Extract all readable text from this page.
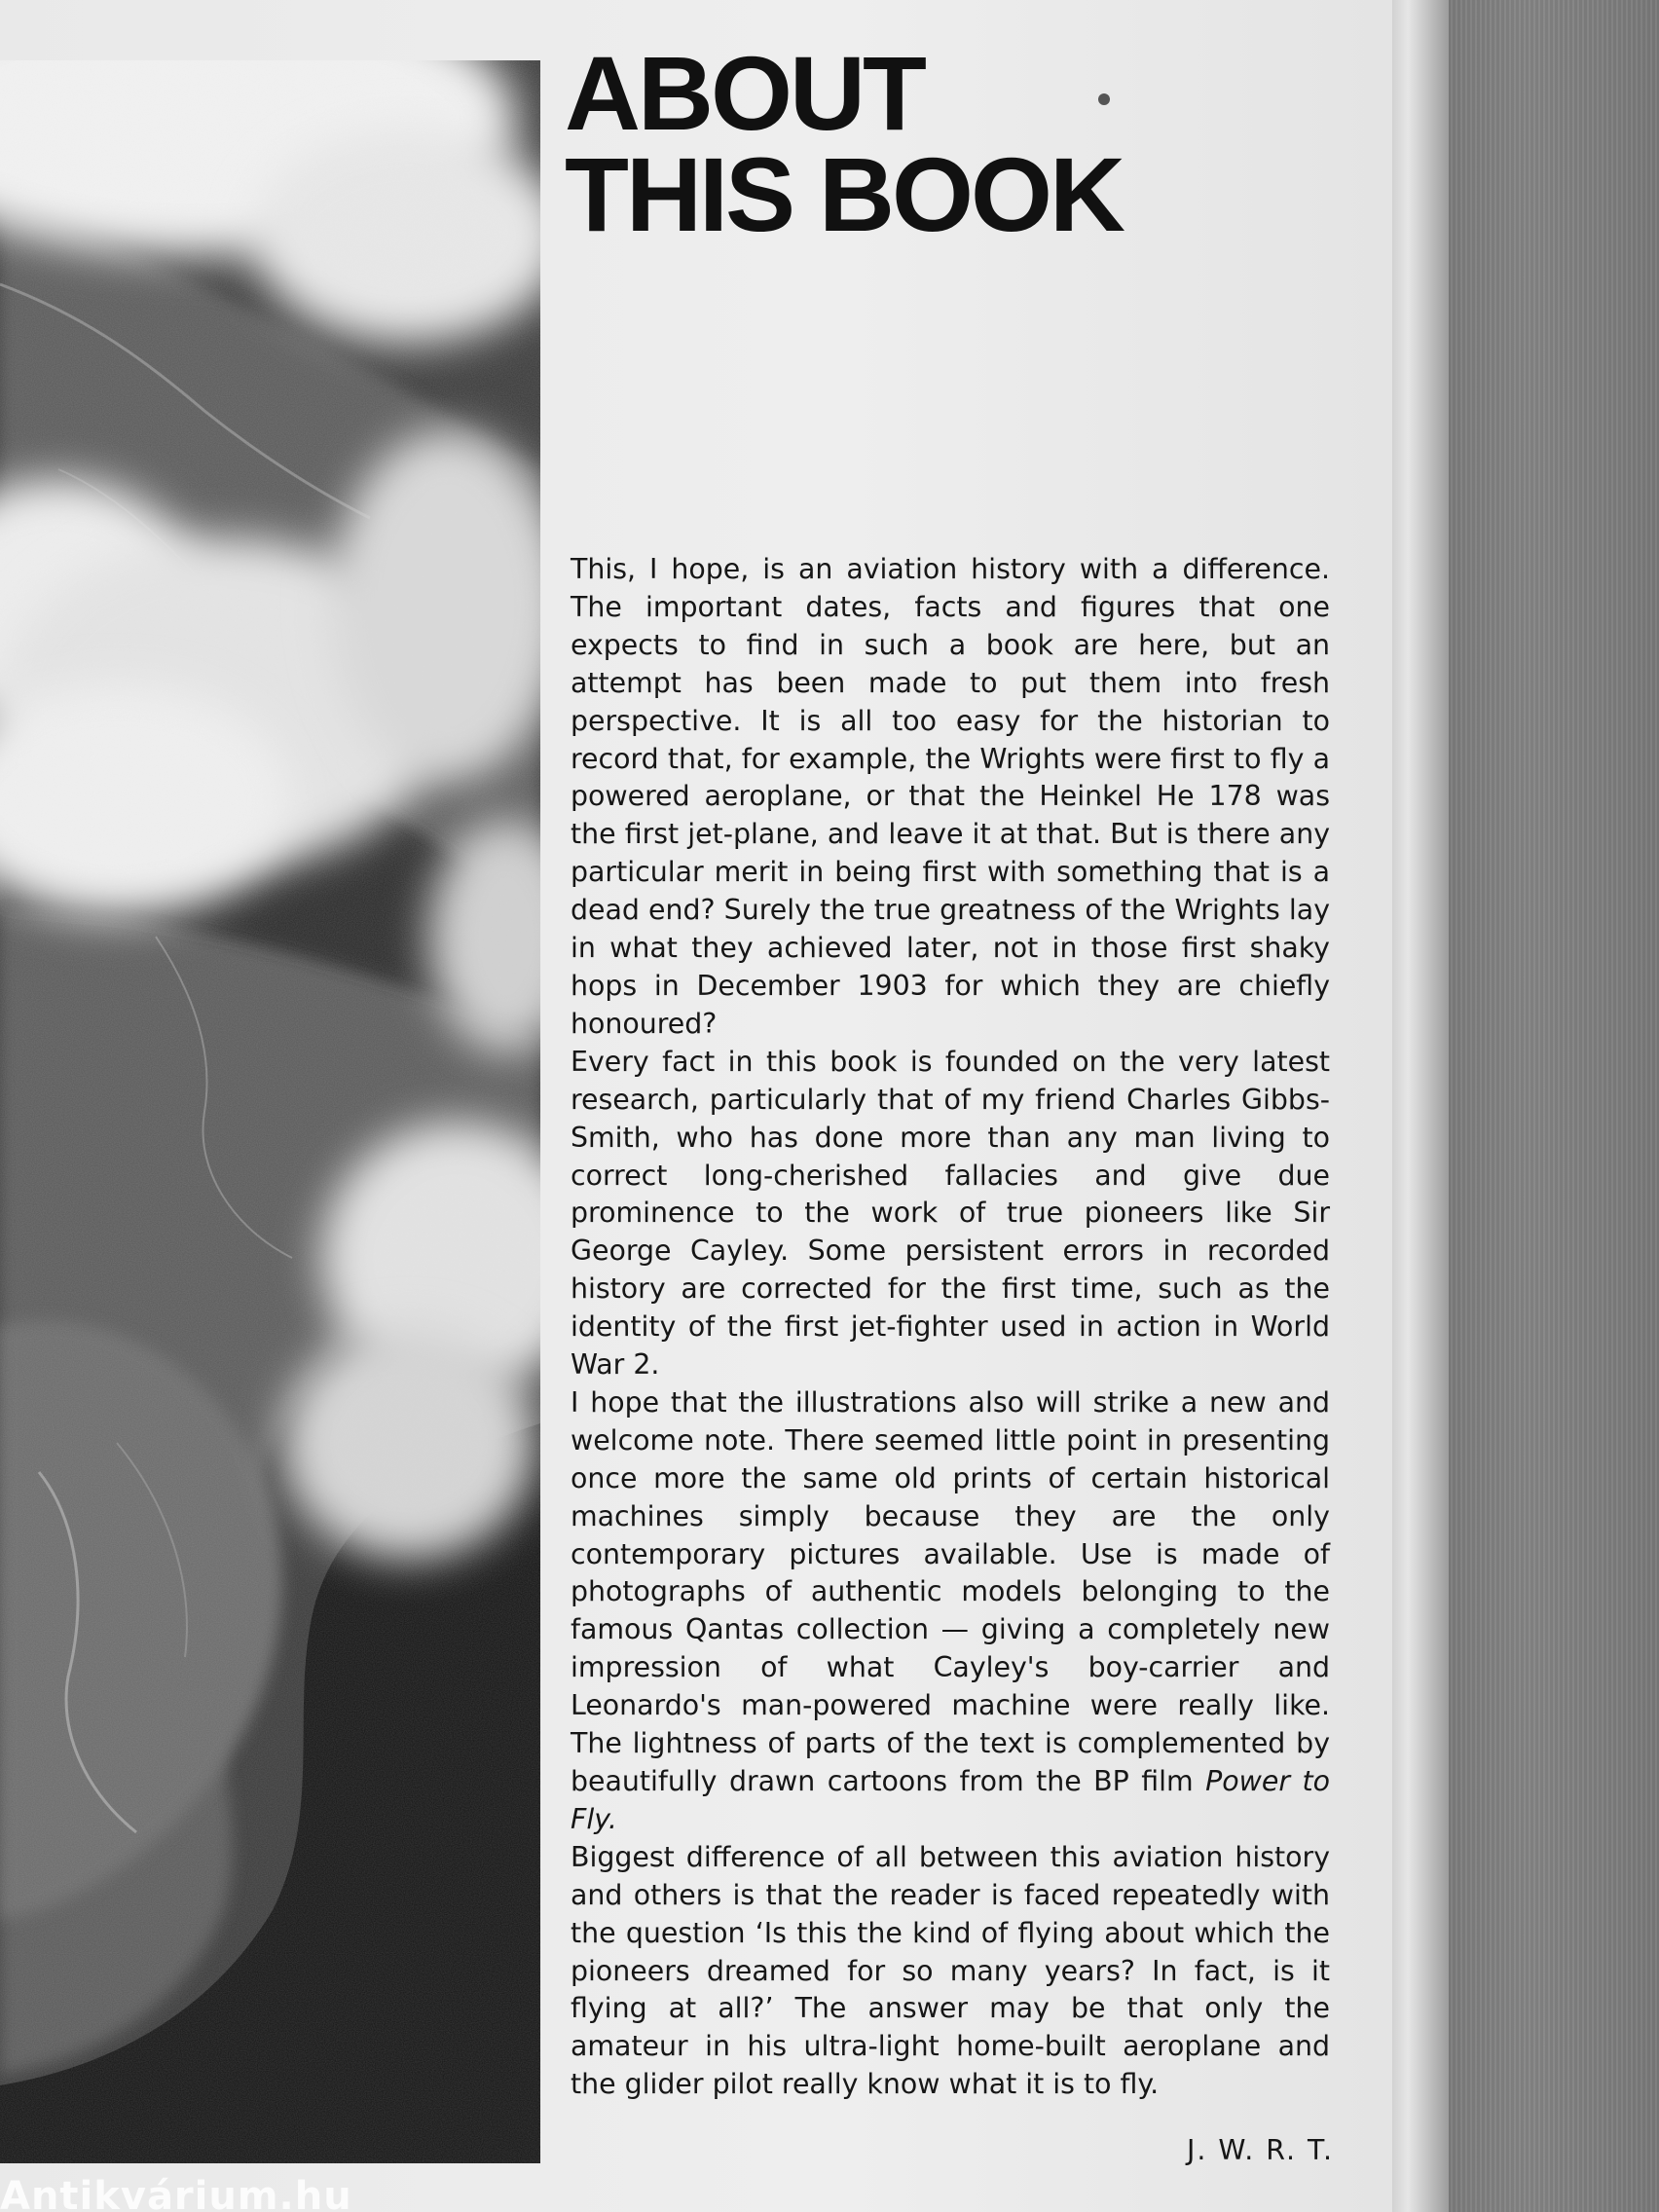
Antikvárium.hu
ABOUT
THIS BOOK

This, I hope, is an aviation history with a difference. The important dates, facts and figures that one expects to find in such a book are here, but an attempt has been made to put them into fresh perspective. It is all too easy for the historian to record that, for example, the Wrights were first to fly a powered aeroplane, or that the Heinkel He 178 was the first jet-plane, and leave it at that. But is there any particular merit in being first with something that is a dead end? Surely the true greatness of the Wrights lay in what they achieved later, not in those first shaky hops in December 1903 for which they are chiefly honoured?

Every fact in this book is founded on the very latest research, particularly that of my friend Charles Gibbs-Smith, who has done more than any man living to correct long-cherished fallacies and give due prominence to the work of true pioneers like Sir George Cayley. Some persistent errors in recorded history are corrected for the first time, such as the identity of the first jet-fighter used in action in World War 2.

I hope that the illustrations also will strike a new and welcome note. There seemed little point in presenting once more the same old prints of certain historical machines simply because they are the only contemporary pictures available. Use is made of photographs of authentic models belonging to the famous Qantas collection — giving a completely new impression of what Cayley's boy-carrier and Leonardo's man-powered machine were really like. The lightness of parts of the text is complemented by beautifully drawn cartoons from the BP film Power to Fly.

Biggest difference of all between this aviation history and others is that the reader is faced repeatedly with the question ‘Is this the kind of flying about which the pioneers dreamed for so many years? In fact, is it flying at all?’ The answer may be that only the amateur in his ultra-light home-built aeroplane and the glider pilot really know what it is to fly.

J. W. R. T.
